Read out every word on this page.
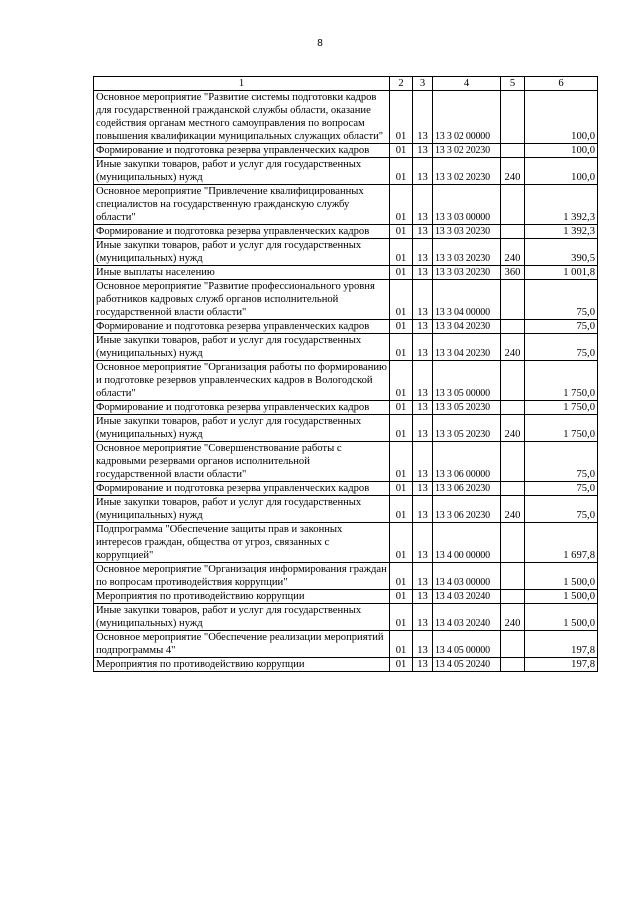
8
1	2	3	4	5	6
Основное мероприятие "Развитие системы подготовки кадров для государственной гражданской службы области, оказание содействия органам местного самоуправления по вопросам повышения квалификации муниципальных служащих области"	01	13	13 3 02 00000		100,0
Формирование и подготовка резерва управленческих кадров	01	13	13 3 02 20230		100,0
Иные закупки товаров, работ и услуг для государственных (муниципальных) нужд	01	13	13 3 02 20230	240	100,0
Основное мероприятие "Привлечение квалифицированных специалистов на государственную гражданскую службу области"	01	13	13 3 03 00000		1 392,3
Формирование и подготовка резерва управленческих кадров	01	13	13 3 03 20230		1 392,3
Иные закупки товаров, работ и услуг для государственных (муниципальных) нужд	01	13	13 3 03 20230	240	390,5
Иные выплаты населению	01	13	13 3 03 20230	360	1 001,8
Основное мероприятие "Развитие профессионального уровня работников кадровых служб органов исполнительной государственной власти области"	01	13	13 3 04 00000		75,0
Формирование и подготовка резерва управленческих кадров	01	13	13 3 04 20230		75,0
Иные закупки товаров, работ и услуг для государственных (муниципальных) нужд	01	13	13 3 04 20230	240	75,0
Основное мероприятие "Организация работы по формированию и подготовке резервов управленческих кадров в Вологодской области"	01	13	13 3 05 00000		1 750,0
Формирование и подготовка резерва управленческих кадров	01	13	13 3 05 20230		1 750,0
Иные закупки товаров, работ и услуг для государственных (муниципальных) нужд	01	13	13 3 05 20230	240	1 750,0
Основное мероприятие "Совершенствование работы с кадровыми резервами органов исполнительной государственной власти области"	01	13	13 3 06 00000		75,0
Формирование и подготовка резерва управленческих кадров	01	13	13 3 06 20230		75,0
Иные закупки товаров, работ и услуг для государственных (муниципальных) нужд	01	13	13 3 06 20230	240	75,0
Подпрограмма "Обеспечение защиты прав и законных интересов граждан, общества от угроз, связанных с коррупцией"	01	13	13 4 00 00000		1 697,8
Основное мероприятие "Организация информирования граждан по вопросам противодействия коррупции"	01	13	13 4 03 00000		1 500,0
Мероприятия по противодействию коррупции	01	13	13 4 03 20240		1 500,0
Иные закупки товаров, работ и услуг для государственных (муниципальных) нужд	01	13	13 4 03 20240	240	1 500,0
Основное мероприятие "Обеспечение реализации мероприятий подпрограммы 4"	01	13	13 4 05 00000		197,8
Мероприятия по противодействию коррупции	01	13	13 4 05 20240		197,8
